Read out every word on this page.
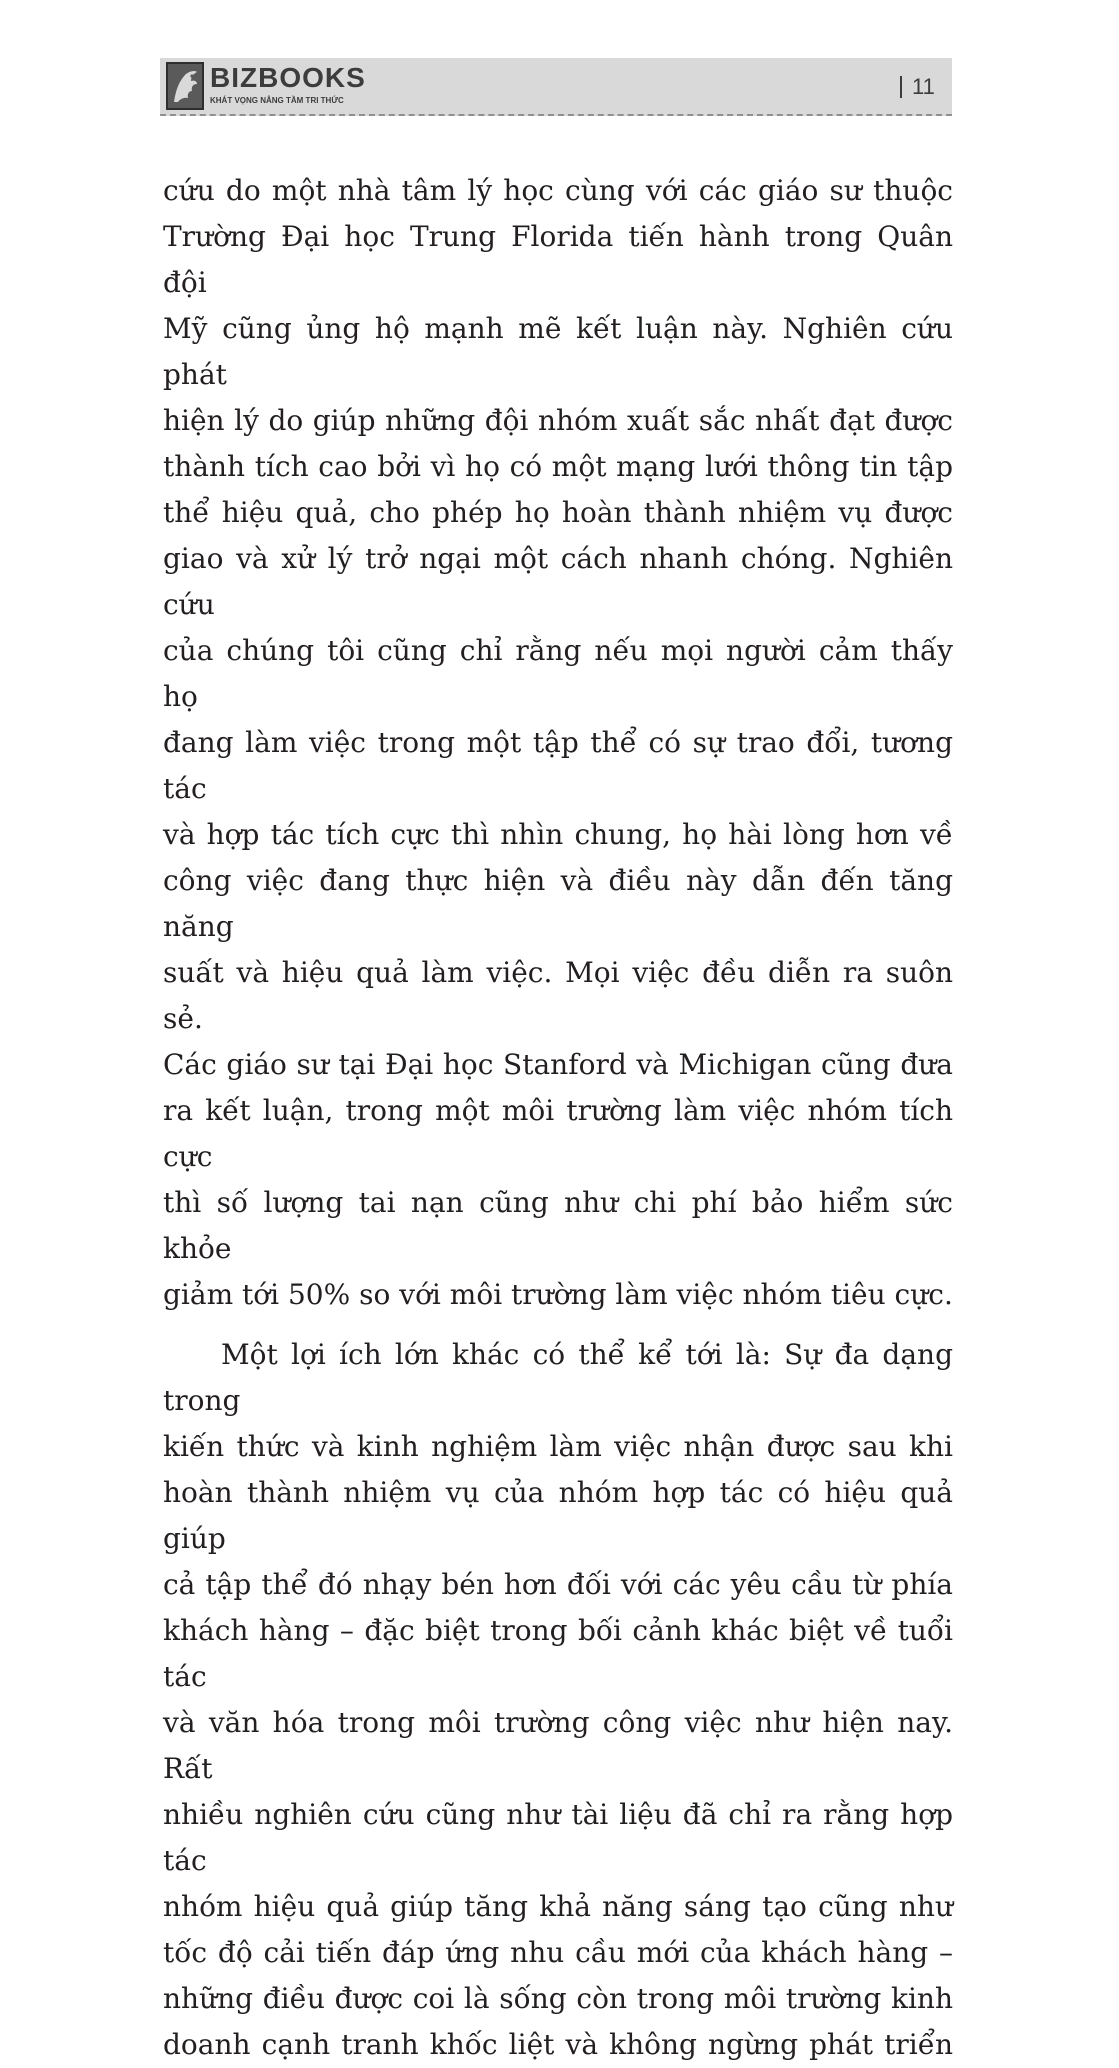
BIZBOOKS
KHÁT VỌNG NÂNG TẦM TRI THỨC
11

cứu do một nhà tâm lý học cùng với các giáo sư thuộc

Trường Đại học Trung Florida tiến hành trong Quân đội

Mỹ cũng ủng hộ mạnh mẽ kết luận này. Nghiên cứu phát

hiện lý do giúp những đội nhóm xuất sắc nhất đạt được

thành tích cao bởi vì họ có một mạng lưới thông tin tập

thể hiệu quả, cho phép họ hoàn thành nhiệm vụ được

giao và xử lý trở ngại một cách nhanh chóng. Nghiên cứu

của chúng tôi cũng chỉ rằng nếu mọi người cảm thấy họ

đang làm việc trong một tập thể có sự trao đổi, tương tác

và hợp tác tích cực thì nhìn chung, họ hài lòng hơn về

công việc đang thực hiện và điều này dẫn đến tăng năng

suất và hiệu quả làm việc. Mọi việc đều diễn ra suôn sẻ.

Các giáo sư tại Đại học Stanford và Michigan cũng đưa

ra kết luận, trong một môi trường làm việc nhóm tích cực

thì số lượng tai nạn cũng như chi phí bảo hiểm sức khỏe

giảm tới 50% so với môi trường làm việc nhóm tiêu cực.

Một lợi ích lớn khác có thể kể tới là: Sự đa dạng trong

kiến thức và kinh nghiệm làm việc nhận được sau khi

hoàn thành nhiệm vụ của nhóm hợp tác có hiệu quả giúp

cả tập thể đó nhạy bén hơn đối với các yêu cầu từ phía

khách hàng – đặc biệt trong bối cảnh khác biệt về tuổi tác

và văn hóa trong môi trường công việc như hiện nay. Rất

nhiều nghiên cứu cũng như tài liệu đã chỉ ra rằng hợp tác

nhóm hiệu quả giúp tăng khả năng sáng tạo cũng như

tốc độ cải tiến đáp ứng nhu cầu mới của khách hàng –

những điều được coi là sống còn trong môi trường kinh

doanh cạnh tranh khốc liệt và không ngừng phát triển
